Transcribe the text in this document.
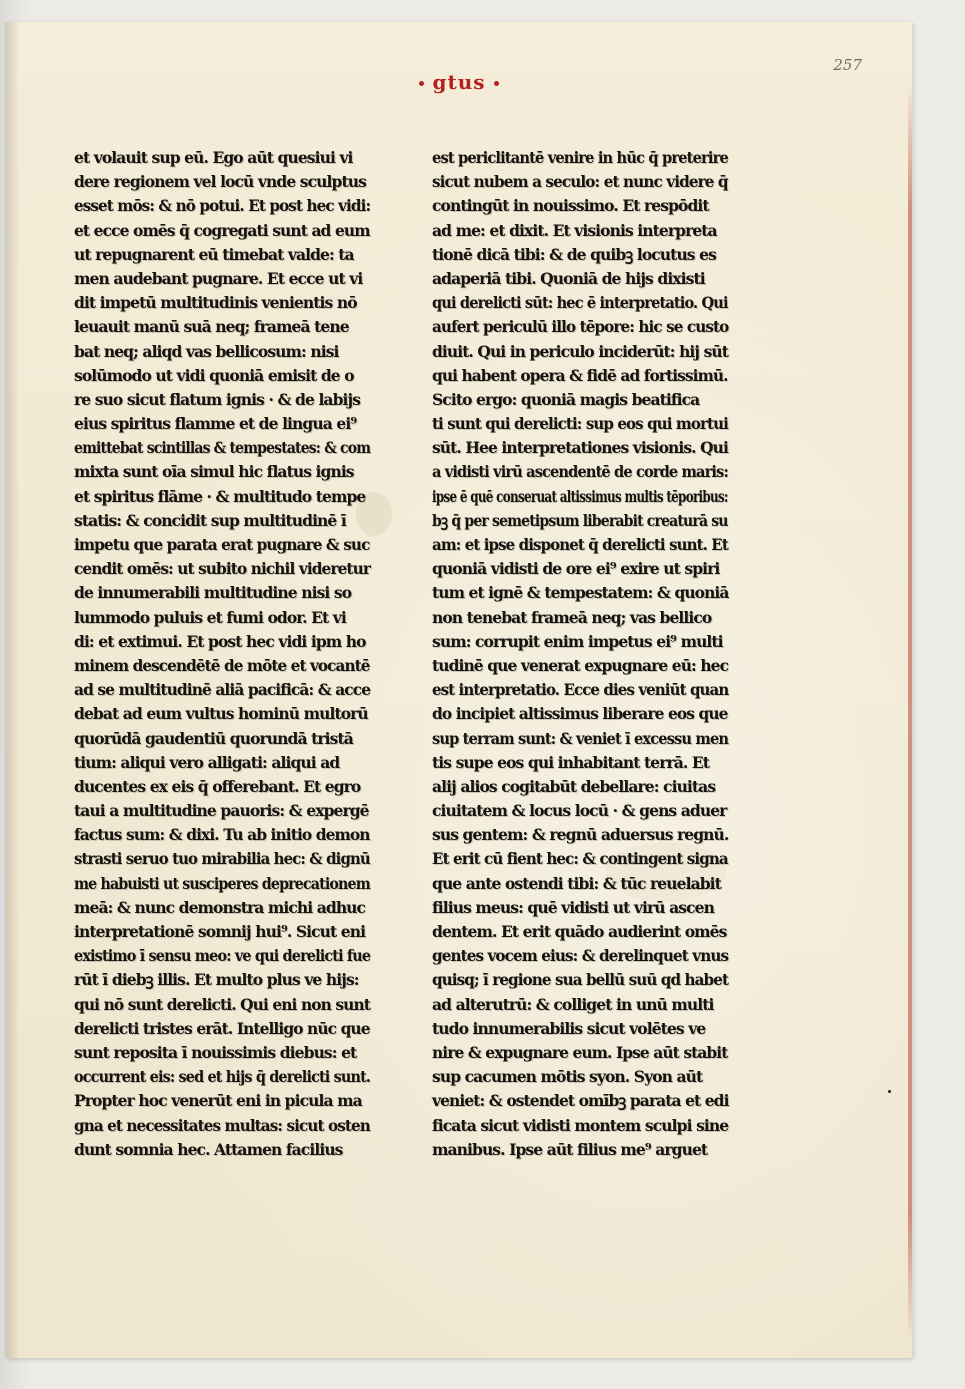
gtus
257
et volauit sup eū. Ego aūt quesiui vi
dere regionem vel locū vnde sculptus
esset mōs: & nō potui. Et post hec vidi:
et ecce omēs q̄ cogregati sunt ad eum
ut repugnarent eū timebat valde: ta
men audebant pugnare. Et ecce ut vi
dit impetū multitudinis venientis nō
leuauit manū suā neq; frameā tene
bat neq; aliqd vas bellicosum: nisi
solūmodo ut vidi quoniā emisit de o
re suo sicut flatum ignis · & de labijs
eius spiritus flamme et de lingua ei⁹
emittebat scintillas & tempestates: & com
mixta sunt oīa simul hic flatus ignis
et spiritus flāme · & multitudo tempe
statis: & concidit sup multitudinē ī
impetu que parata erat pugnare & suc
cendit omēs: ut subito nichil videretur
de innumerabili multitudine nisi so
lummodo puluis et fumi odor. Et vi
di: et extimui. Et post hec vidi ipm ho
minem descendētē de mōte et vocantē
ad se multitudinē aliā pacificā: & acce
debat ad eum vultus hominū multorū
quorūdā gaudentiū quorundā tristā
tium: aliqui vero alligati: aliqui ad
ducentes ex eis q̄ offerebant. Et egro
taui a multitudine pauoris: & expergē
factus sum: & dixi. Tu ab initio demon
strasti seruo tuo mirabilia hec: & dignū
me habuisti ut susciperes deprecationem
meā: & nunc demonstra michi adhuc
interpretationē somnij hui⁹. Sicut eni
existimo ī sensu meo: ve qui derelicti fue
rūt ī diebꝫ illis. Et multo plus ve hijs:
qui nō sunt derelicti. Qui eni non sunt
derelicti tristes erāt. Intelligo nūc que
sunt reposita ī nouissimis diebus: et
occurrent eis: sed et hijs q̄ derelicti sunt.
Propter hoc venerūt eni in picula ma
gna et necessitates multas: sicut osten
dunt somnia hec. Attamen facilius
est periclitantē venire in hūc q̄ preterire
sicut nubem a seculo: et nunc videre q̄
contingūt in nouissimo. Et respōdit
ad me: et dixit. Et visionis interpreta
tionē dicā tibi: & de quibꝫ locutus es
adaperiā tibi. Quoniā de hijs dixisti
qui derelicti sūt: hec ē interpretatio. Qui
aufert periculū illo tēpore: hic se custo
diuit. Qui in periculo inciderūt: hij sūt
qui habent opera & fidē ad fortissimū.
Scito ergo: quoniā magis beatifica
ti sunt qui derelicti: sup eos qui mortui
sūt. Hee interpretationes visionis. Qui
a vidisti virū ascendentē de corde maris:
ipse ē quē conseruat altissimus multis tēporibus:
bꝫ q̄ per semetipsum liberabit creaturā su
am: et ipse disponet q̄ derelicti sunt. Et
quoniā vidisti de ore ei⁹ exire ut spiri
tum et ignē & tempestatem: & quoniā
non tenebat frameā neq; vas bellico
sum: corrupit enim impetus ei⁹ multi
tudinē que venerat expugnare eū: hec
est interpretatio. Ecce dies veniūt quan
do incipiet altissimus liberare eos que
sup terram sunt: & veniet ī excessu men
tis supe eos qui inhabitant terrā. Et
alij alios cogitabūt debellare: ciuitas
ciuitatem & locus locū · & gens aduer
sus gentem: & regnū aduersus regnū.
Et erit cū fient hec: & contingent signa
que ante ostendi tibi: & tūc reuelabit
filius meus: quē vidisti ut virū ascen
dentem. Et erit quādo audierint omēs
gentes vocem eius: & derelinquet vnus
quisq; ī regione sua bellū suū qd habet
ad alterutrū: & colliget in unū multi
tudo innumerabilis sicut volētes ve
nire & expugnare eum. Ipse aūt stabit
sup cacumen mōtis syon. Syon aūt
veniet: & ostendet omībꝫ parata et edi
ficata sicut vidisti montem sculpi sine
manibus. Ipse aūt filius me⁹ arguet
